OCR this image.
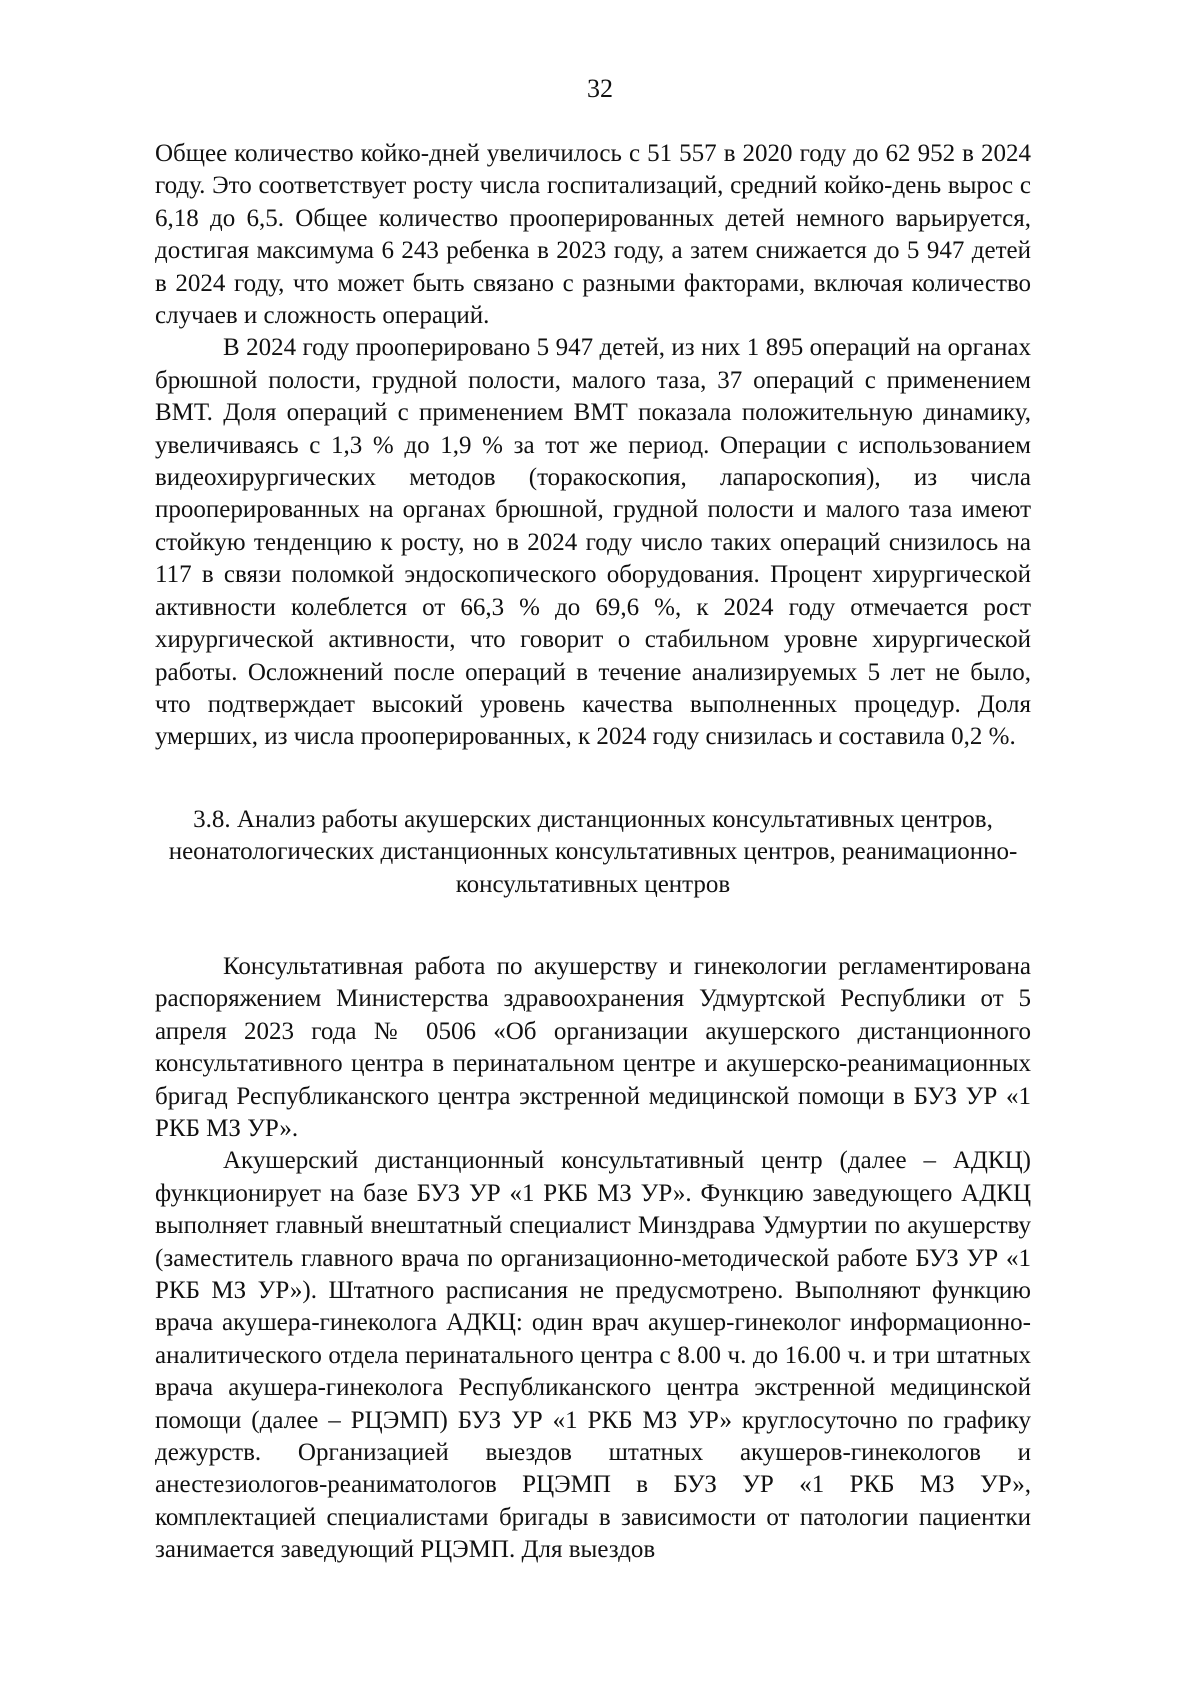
32

Общее количество койко-дней увеличилось с 51 557 в 2020 году до 62 952 в 2024 году. Это соответствует росту числа госпитализаций, средний койко-день вырос с 6,18 до 6,5. Общее количество прооперированных детей немного варьируется, достигая максимума 6 243 ребенка в 2023 году, а затем снижается до 5 947 детей в 2024 году, что может быть связано с разными факторами, включая количество случаев и сложность операций.

В 2024 году прооперировано 5 947 детей, из них 1 895 операций на органах брюшной полости, грудной полости, малого таза, 37 операций с применением ВМТ. Доля операций с применением ВМТ показала положительную динамику, увеличиваясь с 1,3 % до 1,9 % за тот же период. Операции с использованием видеохирургических методов (торакоскопия, лапароскопия), из числа прооперированных на органах брюшной, грудной полости и малого таза имеют стойкую тенденцию к росту, но в 2024 году число таких операций снизилось на 117 в связи поломкой эндоскопического оборудования. Процент хирургической активности колеблется от 66,3 % до 69,6 %, к 2024 году отмечается рост хирургической активности, что говорит о стабильном уровне хирургической работы. Осложнений после операций в течение анализируемых 5 лет не было, что подтверждает высокий уровень качества выполненных процедур. Доля умерших, из числа прооперированных, к 2024 году снизилась и составила 0,2 %.

3.8. Анализ работы акушерских дистанционных консультативных центров, неонатологических дистанционных консультативных центров, реанимационно-консультативных центров

Консультативная работа по акушерству и гинекологии регламентирована распоряжением Министерства здравоохранения Удмуртской Республики от 5 апреля 2023 года № 0506 «Об организации акушерского дистанционного консультативного центра в перинатальном центре и акушерско-реанимационных бригад Республиканского центра экстренной медицинской помощи в БУЗ УР «1 РКБ МЗ УР».

Акушерский дистанционный консультативный центр (далее – АДКЦ) функционирует на базе БУЗ УР «1 РКБ МЗ УР». Функцию заведующего АДКЦ выполняет главный внештатный специалист Минздрава Удмуртии по акушерству (заместитель главного врача по организационно-методической работе БУЗ УР «1 РКБ МЗ УР»). Штатного расписания не предусмотрено. Выполняют функцию врача акушера-гинеколога АДКЦ: один врач акушер-гинеколог информационно-аналитического отдела перинатального центра с 8.00 ч. до 16.00 ч. и три штатных врача акушера-гинеколога Республиканского центра экстренной медицинской помощи (далее – РЦЭМП) БУЗ УР «1 РКБ МЗ УР» круглосуточно по графику дежурств. Организацией выездов штатных акушеров-гинекологов и анестезиологов-реаниматологов РЦЭМП в БУЗ УР «1 РКБ МЗ УР», комплектацией специалистами бригады в зависимости от патологии пациентки занимается заведующий РЦЭМП. Для выездов
